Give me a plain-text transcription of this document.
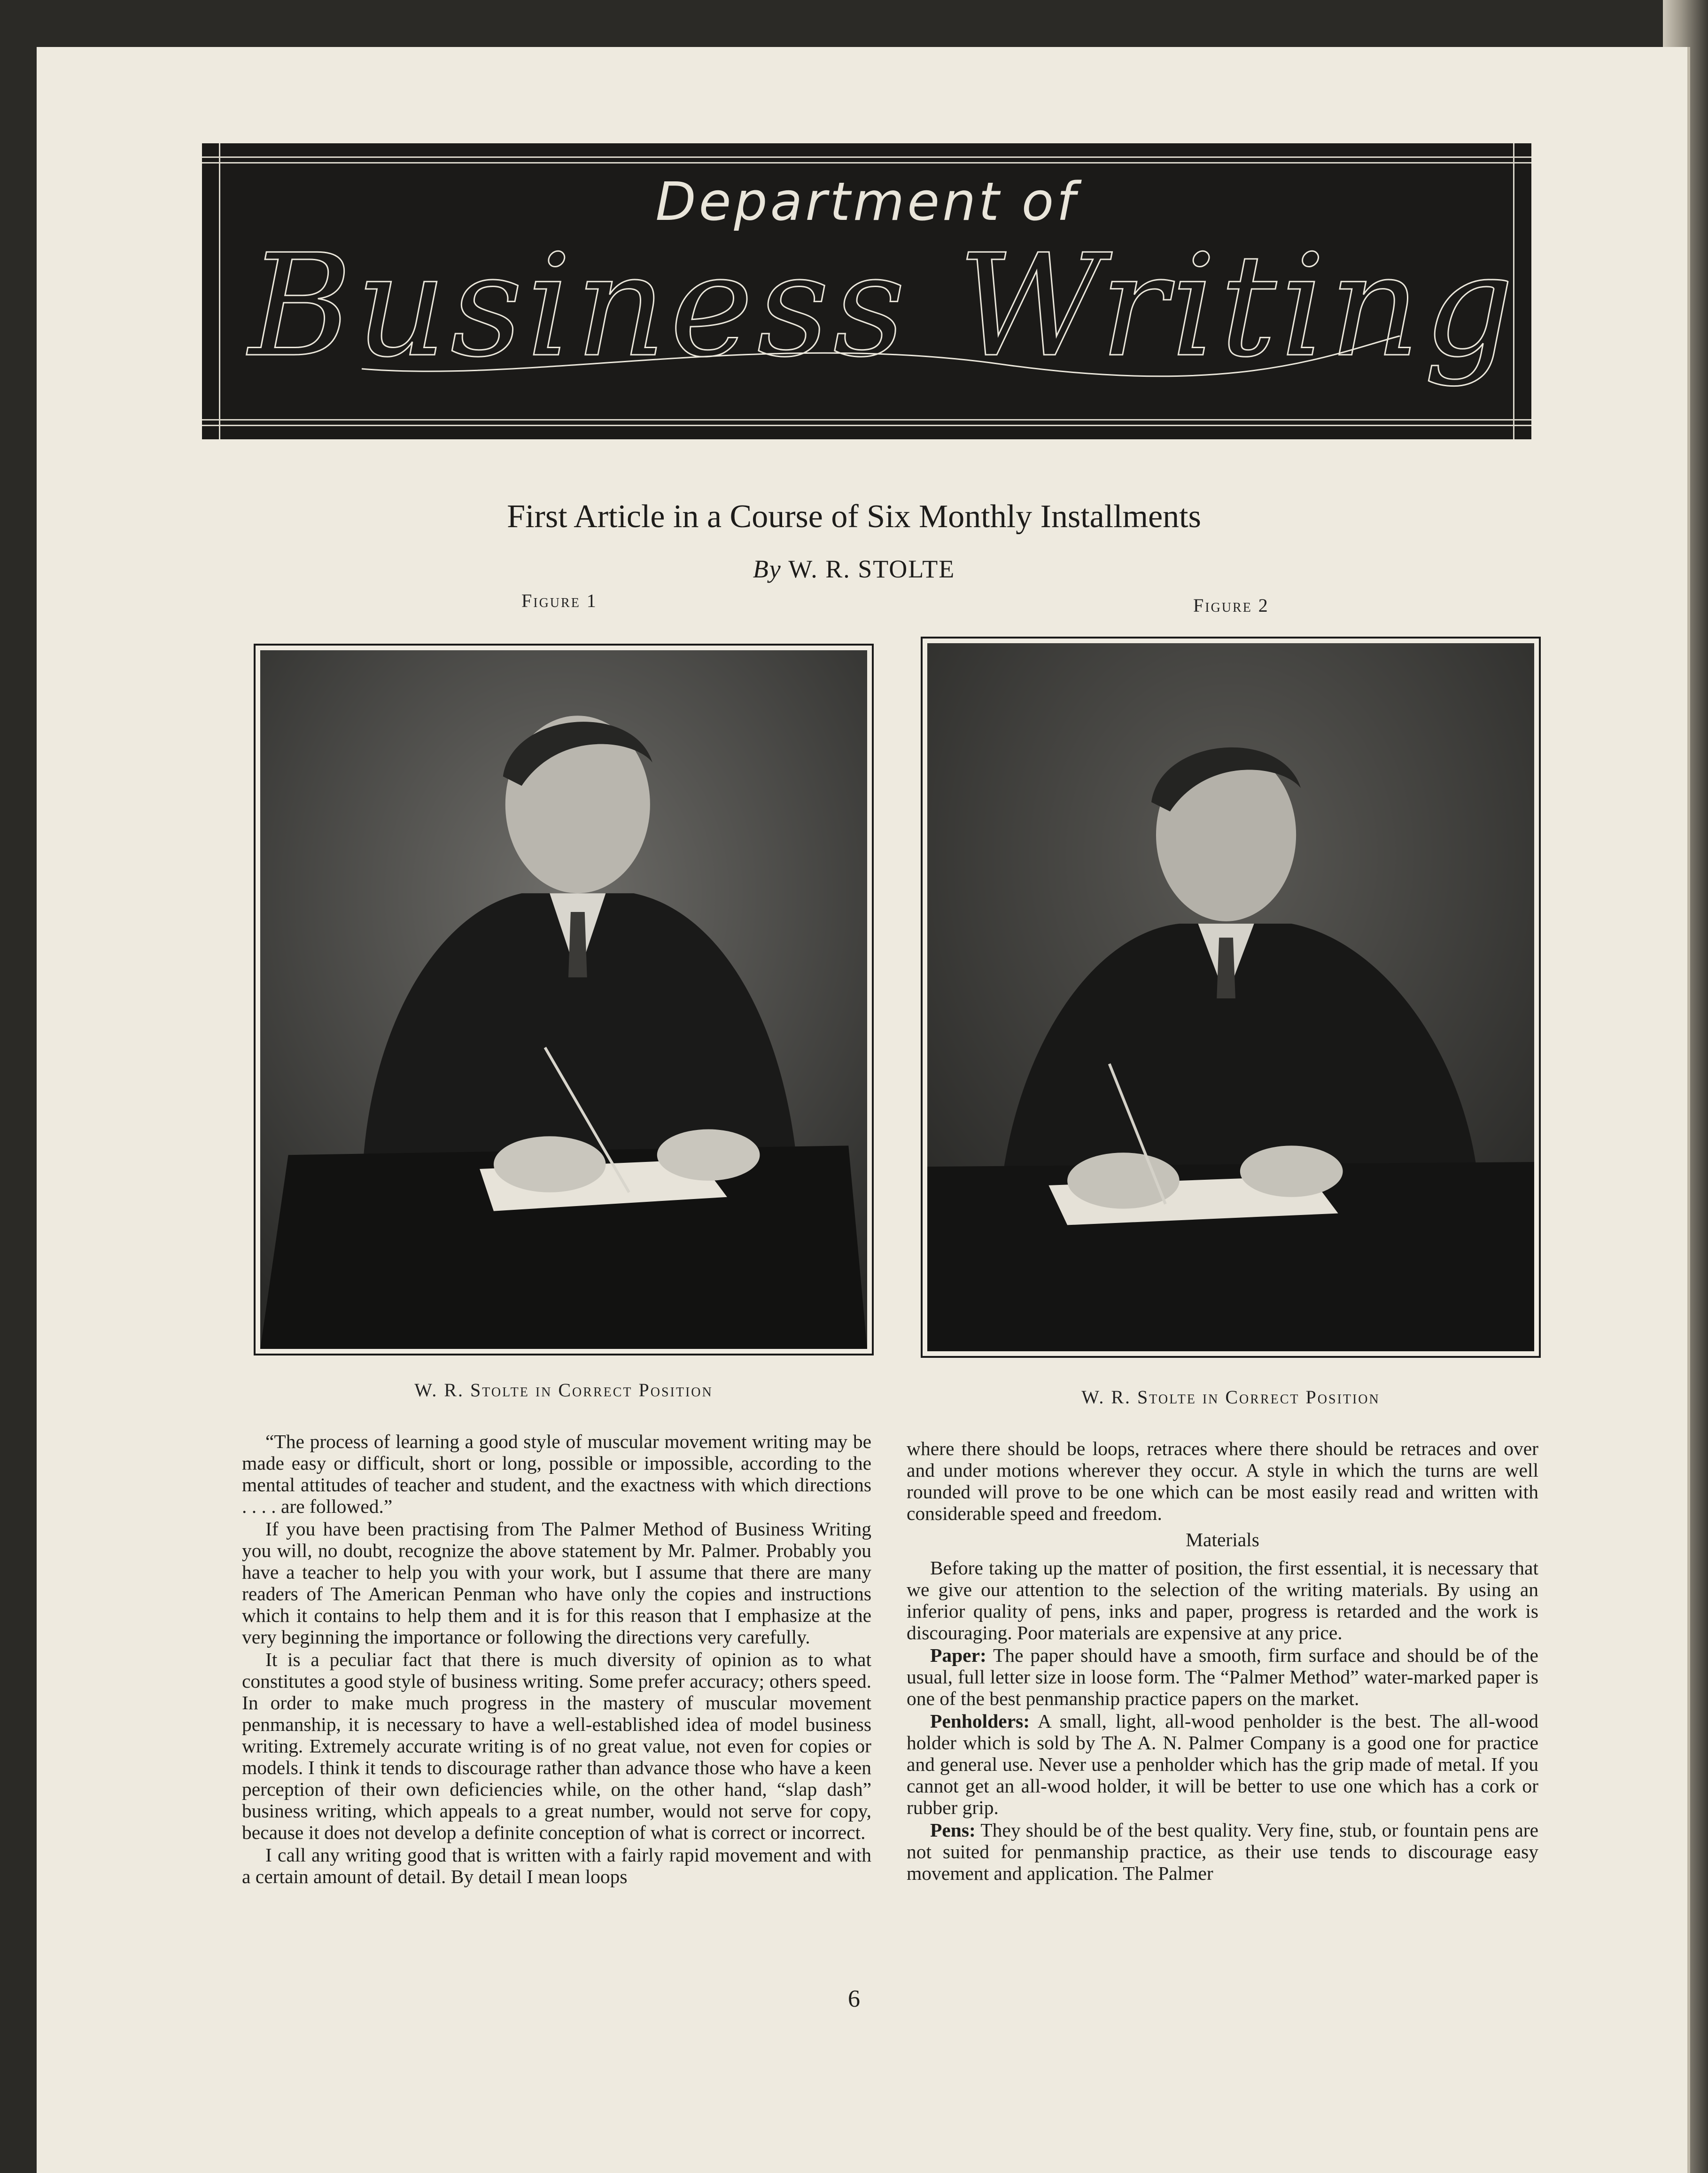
Department of
Business Writing
First Article in a Course of Six Monthly Installments
By W. R. STOLTE
Figure 1	Figure 2
W. R. Stolte in Correct Position	W. R. Stolte in Correct Position

“The process of learning a good style of muscular movement writing may be made easy or difficult, short or long, possible or impossible, according to the mental attitudes of teacher and student, and the exactness with which directions . . . . are followed.”

If you have been practising from The Palmer Method of Business Writing you will, no doubt, recognize the above statement by Mr. Palmer. Probably you have a teacher to help you with your work, but I assume that there are many readers of The American Penman who have only the copies and instructions which it contains to help them and it is for this reason that I emphasize at the very beginning the importance or following the directions very carefully.

It is a peculiar fact that there is much diversity of opinion as to what constitutes a good style of business writing. Some prefer accuracy; others speed. In order to make much progress in the mastery of muscular movement penmanship, it is necessary to have a well-established idea of model business writing. Extremely accurate writing is of no great value, not even for copies or models. I think it tends to discourage rather than advance those who have a keen perception of their own deficiencies while, on the other hand, “slap dash” business writing, which appeals to a great number, would not serve for copy, because it does not develop a definite conception of what is correct or incorrect.

I call any writing good that is written with a fairly rapid movement and with a certain amount of detail. By detail I mean loops

where there should be loops, retraces where there should be retraces and over and under motions wherever they occur. A style in which the turns are well rounded will prove to be one which can be most easily read and written with considerable speed and freedom.

Materials

Before taking up the matter of position, the first essential, it is necessary that we give our attention to the selection of the writing materials. By using an inferior quality of pens, inks and paper, progress is retarded and the work is discouraging. Poor materials are expensive at any price.

Paper: The paper should have a smooth, firm surface and should be of the usual, full letter size in loose form. The “Palmer Method” water-marked paper is one of the best penmanship practice papers on the market.

Penholders: A small, light, all-wood penholder is the best. The all-wood holder which is sold by The A. N. Palmer Company is a good one for practice and general use. Never use a penholder which has the grip made of metal. If you cannot get an all-wood holder, it will be better to use one which has a cork or rubber grip.

Pens: They should be of the best quality. Very fine, stub, or fountain pens are not suited for penmanship practice, as their use tends to discourage easy movement and application. The Palmer

6
